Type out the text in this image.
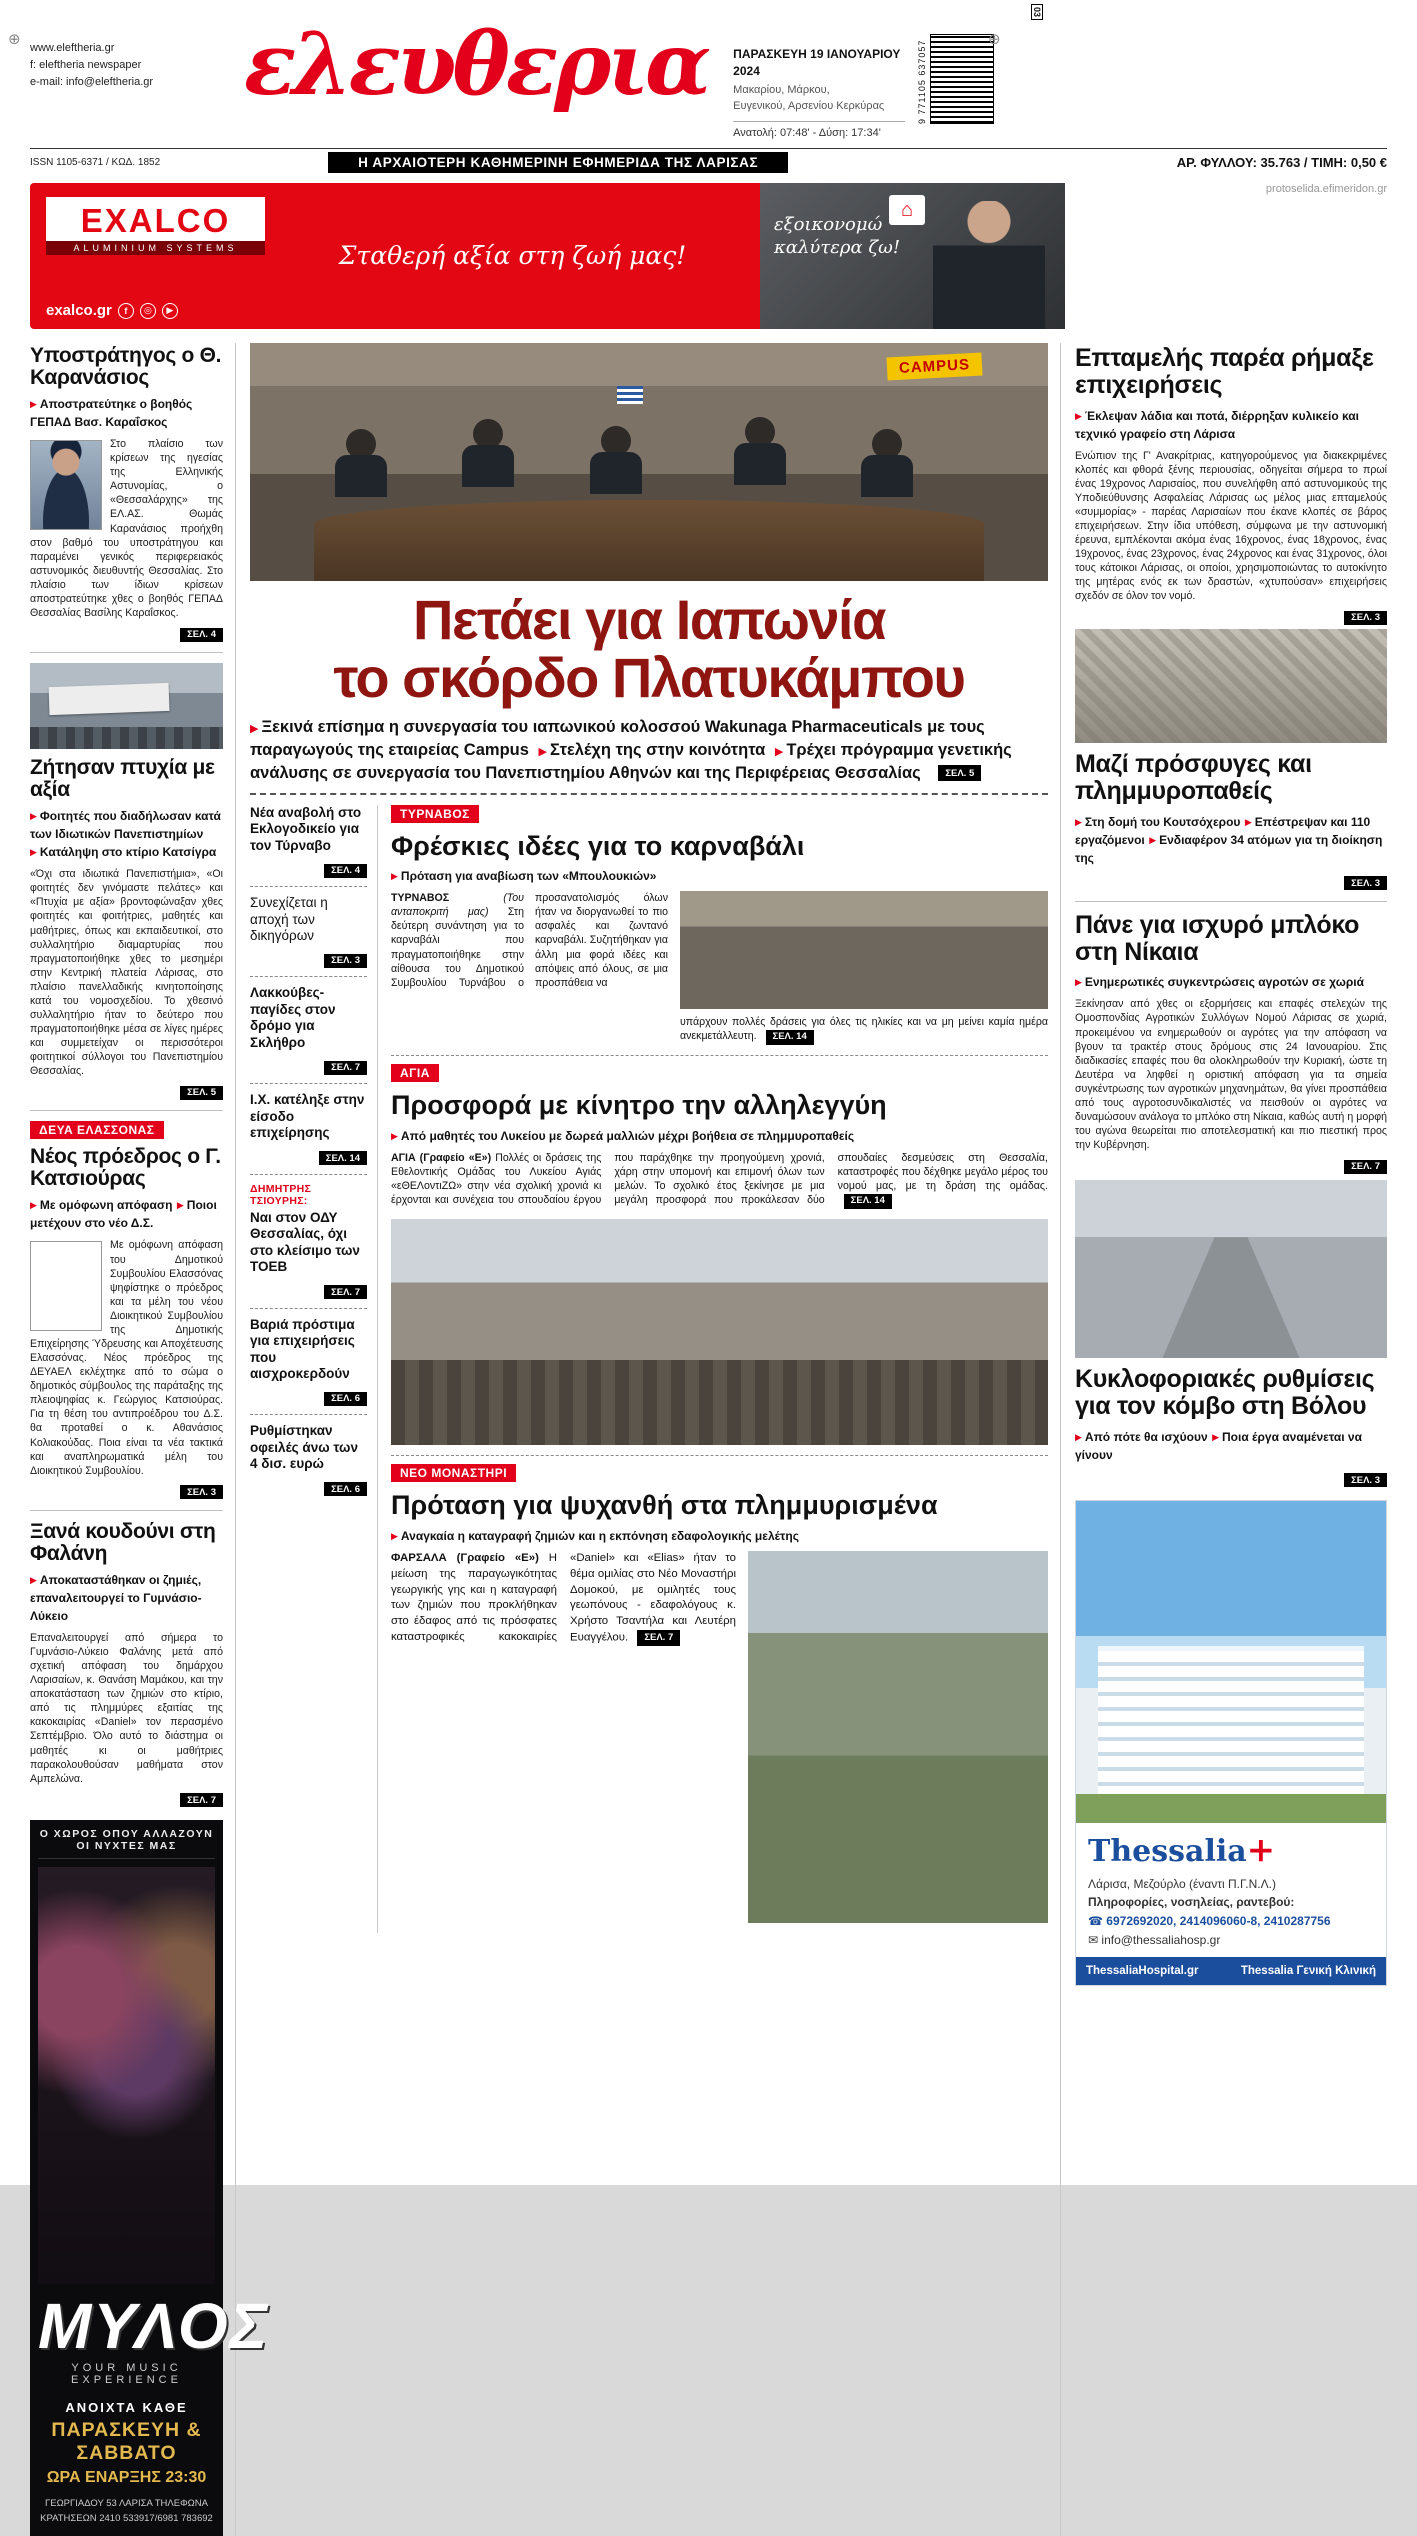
⊕	⊕
03
www.eleftheria.gr
f: eleftheria newspaper
e-mail: info@eleftheria.gr	ελευθερια ΠΑΡΑΣΚΕΥΗ 19 ΙΑΝΟΥΑΡΙΟΥ 2024
Μακαρίου, Μάρκου,
Ευγενικού, Αρσενίου Κερκύρας
Ανατολή: 07:48' - Δύση: 17:34'
9 771105 637057
ISSN 1105-6371 / ΚΩΔ. 1852	Η ΑΡΧΑΙΟΤΕΡΗ ΚΑΘΗΜΕΡΙΝΗ ΕΦΗΜΕΡΙΔΑ ΤΗΣ ΛΑΡΙΣΑΣ	ΑΡ. ΦΥΛΛΟΥ: 35.763 / ΤΙΜΗ: 0,50 €
EXALCO
ALUMINIUM SYSTEMS
exalco.gr	f	◎	▶
Σταθερή αξία στη ζωή μας!
εξοικονομώ καλύτερα ζω!
⌂
protoselida.efimeridon.gr
Υποστράτηγος ο Θ. Καρανάσιος

▶ Αποστρατεύτηκε ο βοηθός ΓΕΠΑΔ Βασ. Καραΐσκος

Στο πλαίσιο των κρίσεων της ηγεσίας της Ελληνικής Αστυνομίας, ο «Θεσσαλάρχης» της ΕΛ.ΑΣ. Θωμάς Καρανάσιος προήχθη στον βαθμό του υποστράτηγου και παραμένει γενικός περιφερειακός αστυνομικός διευθυντής Θεσσαλίας. Στο πλαίσιο των ίδιων κρίσεων αποστρατεύτηκε χθες ο βοηθός ΓΕΠΑΔ Θεσσαλίας Βασίλης Καραΐσκος.

ΣΕΛ. 4
Ζήτησαν πτυχία με αξία

▶ Φοιτητές που διαδήλωσαν κατά των Ιδιωτικών Πανεπιστημίων ▶ Κατάληψη στο κτίριο Κατσίγρα

«Όχι στα ιδιωτικά Πανεπιστήμια», «Οι φοιτητές δεν γινόμαστε πελάτες» και «Πτυχία με αξία» βροντοφώναξαν χθες φοιτητές και φοιτήτριες, μαθητές και μαθήτριες, όπως και εκπαιδευτικοί, στο συλλαλητήριο διαμαρτυρίας που πραγματοποιήθηκε χθες το μεσημέρι στην Κεντρική πλατεία Λάρισας, στο πλαίσιο πανελλαδικής κινητοποίησης κατά του νομοσχεδίου. Το χθεσινό συλλαλητήριο ήταν το δεύτερο που πραγματοποιήθηκε μέσα σε λίγες ημέρες και συμμετείχαν οι περισσότεροι φοιτητικοί σύλλογοι του Πανεπιστημίου Θεσσαλίας.

ΣΕΛ. 5
ΔΕΥΑ ΕΛΑΣΣΟΝΑΣ
Νέος πρόεδρος ο Γ. Κατσιούρας

▶ Με ομόφωνη απόφαση ▶ Ποιοι μετέχουν στο νέο Δ.Σ.

Με ομόφωνη απόφαση του Δημοτικού Συμβουλίου Ελασσόνας ψηφίστηκε ο πρόεδρος και τα μέλη του νέου Διοικητικού Συμβουλίου της Δημοτικής Επιχείρησης Ύδρευσης και Αποχέτευσης Ελασσόνας. Νέος πρόεδρος της ΔΕΥΑΕΛ εκλέχτηκε από το σώμα ο δημοτικός σύμβουλος της παράταξης της πλειοψηφίας κ. Γεώργιος Κατσιούρας. Για τη θέση του αντιπροέδρου του Δ.Σ. θα προταθεί ο κ. Αθανάσιος Κολιακούδας. Ποια είναι τα νέα τακτικά και αναπληρωματικά μέλη του Διοικητικού Συμβουλίου.

ΣΕΛ. 3
Ξανά κουδούνι στη Φαλάνη

▶ Αποκαταστάθηκαν οι ζημιές, επαναλειτουργεί το Γυμνάσιο-Λύκειο

Επαναλειτουργεί από σήμερα το Γυμνάσιο-Λύκειο Φαλάνης μετά από σχετική απόφαση του δημάρχου Λαρισαίων, κ. Θανάση Μαμάκου, και την αποκατάσταση των ζημιών στο κτίριο, από τις πλημμύρες εξαιτίας της κακοκαιρίας «Daniel» τον περασμένο Σεπτέμβριο. Όλο αυτό το διάστημα οι μαθητές κι οι μαθήτριες παρακολουθούσαν μαθήματα στον Αμπελώνα.

ΣΕΛ. 7
Ο ΧΩΡΟΣ ΟΠΟΥ ΑΛΛΑΖΟΥΝ ΟΙ ΝΥΧΤΕΣ ΜΑΣ
ΜΥΛΟΣ
YOUR MUSIC EXPERIENCE
ΑΝΟΙΧΤΑ ΚΑΘΕ
ΠΑΡΑΣΚΕΥΗ & ΣΑΒΒΑΤΟ
ΩΡΑ ΕΝΑΡΞΗΣ 23:30
ΓΕΩΡΓΙΑΔΟΥ 53 ΛΑΡΙΣΑ ΤΗΛΕΦΩΝΑ ΚΡΑΤΗΣΕΩΝ 2410 533917/6981 783692
CAMPUS
Πετάει για Ιαπωνία
το σκόρδο Πλατυκάμπου

▶ Ξεκινά επίσημα η συνεργασία του ιαπωνικού κολοσσού Wakunaga Pharmaceuticals με τους παραγωγούς της εταιρείας Campus ▶ Στελέχη της στην κοινότητα ▶ Τρέχει πρόγραμμα γενετικής ανάλυσης σε συνεργασία του Πανεπιστημίου Αθηνών και της Περιφέρειας Θεσσαλίας	ΣΕΛ. 5

Νέα αναβολή στο Εκλογοδικείο για τον Τύρναβο
ΣΕΛ. 4
Συνεχίζεται η αποχή των δικηγόρων
ΣΕΛ. 3
Λακκούβες-παγίδες στον δρόμο για Σκλήθρο
ΣΕΛ. 7
Ι.Χ. κατέληξε στην είσοδο επιχείρησης
ΣΕΛ. 14
ΔΗΜΗΤΡΗΣ ΤΣΙΟΥΡΗΣ:
Ναι στον ΟΔΥ Θεσσαλίας, όχι στο κλείσιμο των ΤΟΕΒ
ΣΕΛ. 7
Βαριά πρόστιμα για επιχειρήσεις που αισχροκερδούν
ΣΕΛ. 6
Ρυθμίστηκαν οφειλές άνω των 4 δισ. ευρώ
ΣΕΛ. 6
ΤΥΡΝΑΒΟΣ
Φρέσκιες ιδέες για το καρναβάλι

▶ Πρόταση για αναβίωση των «Μπουλουκιών»

ΤΥΡΝΑΒΟΣ	(Του ανταποκριτή μας) Στη δεύτερη συνάντηση για το καρναβάλι που πραγματοποιήθηκε στην αίθουσα του Δημοτικού Συμβουλίου Τυρνάβου ο προσανατολισμός όλων ήταν να διοργανωθεί το πιο ασφαλές και ζωντανό καρναβάλι. Συζητήθηκαν για άλλη μια φορά ιδέες και απόψεις από όλους, σε μια προσπάθεια να

υπάρχουν πολλές δράσεις για όλες τις ηλικίες και να μη μείνει καμία ημέρα ανεκμετάλλευτη. ΣΕΛ. 14

ΑΓΙΑ
Προσφορά με κίνητρο την αλληλεγγύη

▶ Από μαθητές του Λυκείου με δωρεά μαλλιών μέχρι βοήθεια σε πλημμυροπαθείς

ΑΓΙΑ (Γραφείο «Ε») Πολλές οι δράσεις της Εθελοντικής Ομάδας του Λυκείου Αγιάς «εΘΕΛοντιΖΩ» στην νέα σχολική χρονιά κι έρχονται και συνέχεια του σπουδαίου έργου που παράχθηκε την προηγούμενη χρονιά, χάρη στην υπομονή και επιμονή όλων των μελών. Το σχολικό έτος ξεκίνησε με μια μεγάλη προσφορά που προκάλεσαν δύο σπουδαίες δεσμεύσεις στη Θεσσαλία, καταστροφές που δέχθηκε μεγάλο μέρος του νομού μας, με τη δράση της ομάδας. ΣΕΛ. 14
ΝΕΟ ΜΟΝΑΣΤΗΡΙ
Πρόταση για ψυχανθή στα πλημμυρισμένα

▶ Αναγκαία η καταγραφή ζημιών και η εκπόνηση εδαφολογικής μελέτης

ΦΑΡΣΑΛΑ (Γραφείο «Ε») Η μείωση της παραγωγικότητας γεωργικής γης και η καταγραφή των ζημιών που προκλήθηκαν στο έδαφος από τις πρόσφατες καταστροφικές κακοκαιρίες «Daniel» και «Elias» ήταν το θέμα ομιλίας στο Νέο Μοναστήρι Δομοκού, με ομιλητές τους γεωπόνους - εδαφολόγους κ. Χρήστο Τσαντήλα και Λευτέρη Ευαγγέλου. ΣΕΛ. 7
Επταμελής παρέα ρήμαξε επιχειρήσεις

▶ Έκλεψαν λάδια και ποτά, διέρρηξαν κυλικείο και τεχνικό γραφείο στη Λάρισα

Ενώπιον της Γ' Ανακρίτριας, κατηγορούμενος για διακεκριμένες κλοπές και φθορά ξένης περιουσίας, οδηγείται σήμερα το πρωί ένας 19χρονος Λαρισαίος, που συνελήφθη από αστυνομικούς της Υποδιεύθυνσης Ασφαλείας Λάρισας ως μέλος μιας επταμελούς «συμμορίας» - παρέας Λαρισαίων που έκανε κλοπές σε βάρος επιχειρήσεων. Στην ίδια υπόθεση, σύμφωνα με την αστυνομική έρευνα, εμπλέκονται ακόμα ένας 16χρονος, ένας 18χρονος, ένας 19χρονος, ένας 23χρονος, ένας 24χρονος και ένας 31χρονος, όλοι τους κάτοικοι Λάρισας, οι οποίοι, χρησιμοποιώντας το αυτοκίνητο της μητέρας ενός εκ των δραστών, «χτυπούσαν» επιχειρήσεις σχεδόν σε όλον τον νομό.

ΣΕΛ. 3
Μαζί πρόσφυγες και πλημμυροπαθείς

▶ Στη δομή του Κουτσόχερου ▶ Επέστρεψαν και 110 εργαζόμενοι ▶ Ενδιαφέρον 34 ατόμων για τη διοίκηση της

ΣΕΛ. 3
Πάνε για ισχυρό μπλόκο στη Νίκαια

▶ Ενημερωτικές συγκεντρώσεις αγροτών σε χωριά

Ξεκίνησαν από χθες οι εξορμήσεις και επαφές στελεχών της Ομοσπονδίας Αγροτικών Συλλόγων Νομού Λάρισας σε χωριά, προκειμένου να ενημερωθούν οι αγρότες για την απόφαση να βγουν τα τρακτέρ στους δρόμους στις 24 Ιανουαρίου. Στις διαδικασίες επαφές που θα ολοκληρωθούν την Κυριακή, ώστε τη Δευτέρα να ληφθεί η οριστική απόφαση για τα σημεία συγκέντρωσης των αγροτικών μηχανημάτων, θα γίνει προσπάθεια από τους αγροτοσυνδικαλιστές να πεισθούν οι αγρότες να δυναμώσουν ανάλογα το μπλόκο στη Νίκαια, καθώς αυτή η μορφή του αγώνα θεωρείται πιο αποτελεσματική και πιο πιεστική προς την Κυβέρνηση.

ΣΕΛ. 7
Κυκλοφοριακές ρυθμίσεις για τον κόμβο στη Βόλου

▶ Από πότε θα ισχύουν ▶ Ποια έργα αναμένεται να γίνουν

ΣΕΛ. 3
Thessalia+

Λάρισα, Μεζούρλο (έναντι Π.Γ.Ν.Λ.)

Πληροφορίες, νοσηλείας, ραντεβού:

☎ 6972692020, 2414096060-8, 2410287756

✉ info@thessaliahosp.gr

ThessaliaHospital.gr	Thessalia Γενική Κλινική
